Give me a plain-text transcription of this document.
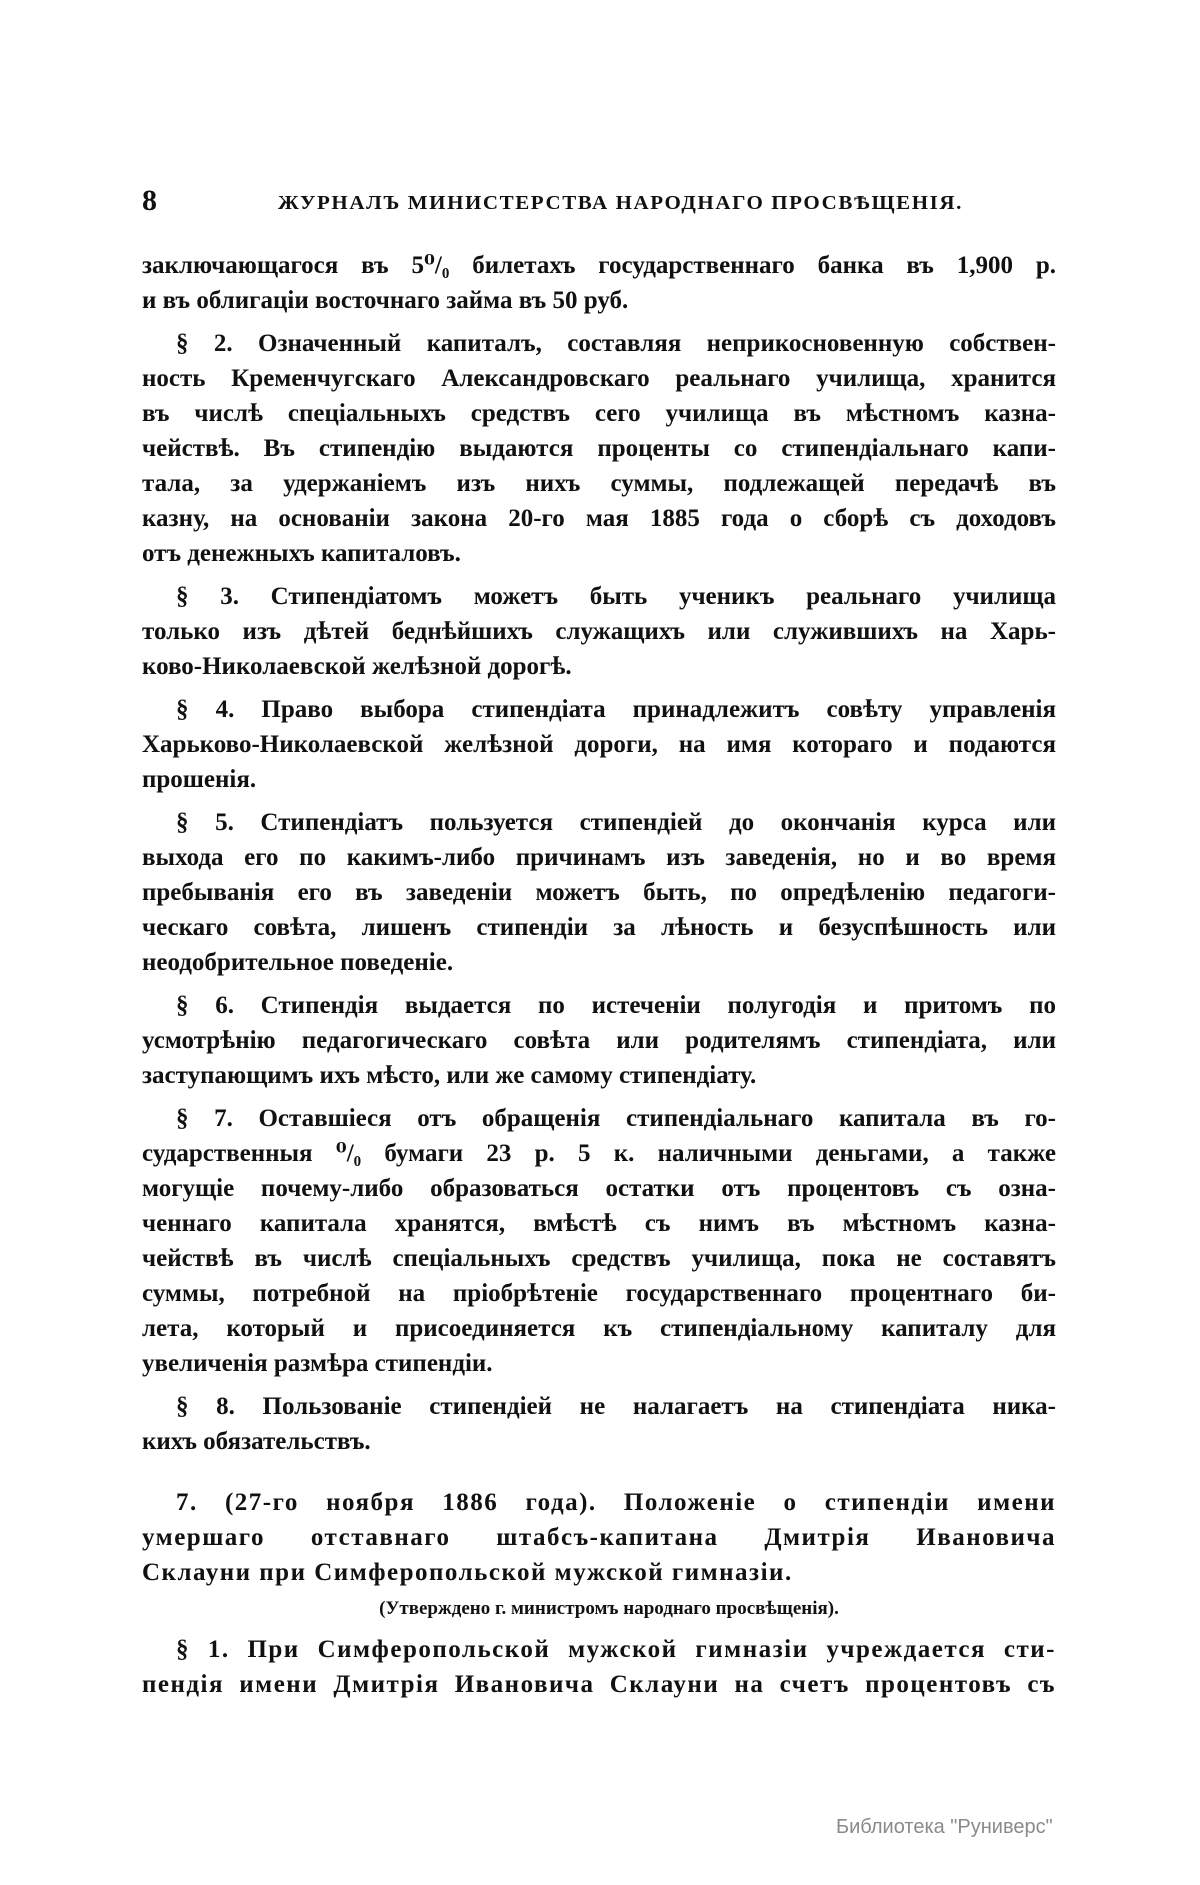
8	ЖУРНАЛЪ МИНИСТЕРСТВА НАРОДНАГО ПРОСВѢЩЕНІЯ.
заключающагося въ 5⁰/₀ билетахъ государственнаго банка въ 1,900 р.
и въ облигаціи восточнаго займа въ 50 руб.
§ 2. Означенный капиталъ, составляя неприкосновенную собствен-
ность Кременчугскаго Александровскаго реальнаго училища, хранится
въ числѣ спеціальныхъ средствъ сего училища въ мѣстномъ казна-
чействѣ. Въ стипендію выдаются проценты со стипендіальнаго капи-
тала, за удержаніемъ изъ нихъ суммы, подлежащей передачѣ въ
казну, на основаніи закона 20-го мая 1885 года о сборѣ съ доходовъ
отъ денежныхъ капиталовъ.
§ 3. Стипендіатомъ можетъ быть ученикъ реальнаго училища
только изъ дѣтей беднѣйшихъ служащихъ или служившихъ на Харь-
ково-Николаевской желѣзной дорогѣ.
§ 4. Право выбора стипендіата принадлежитъ совѣту управленія
Харьково-Николаевской желѣзной дороги, на имя котораго и подаются
прошенія.
§ 5. Стипендіатъ пользуется стипендіей до окончанія курса или
выхода его по какимъ-либо причинамъ изъ заведенія, но и во время
пребыванія его въ заведеніи можетъ быть, по опредѣленію педагоги-
ческаго совѣта, лишенъ стипендіи за лѣность и безуспѣшность или
неодобрительное поведеніе.
§ 6. Стипендія выдается по истеченіи полугодія и притомъ по
усмотрѣнію педагогическаго совѣта или родителямъ стипендіата, или
заступающимъ ихъ мѣсто, или же самому стипендіату.
§ 7. Оставшіеся отъ обращенія стипендіальнаго капитала въ го-
сударственныя ⁰/₀ бумаги 23 р. 5 к. наличными деньгами, а также
могущіе почему-либо образоваться остатки отъ процентовъ съ озна-
ченнаго капитала хранятся, вмѣстѣ съ нимъ въ мѣстномъ казна-
чействѣ въ числѣ спеціальныхъ средствъ училища, пока не составятъ
суммы, потребной на пріобрѣтеніе государственнаго процентнаго би-
лета, который и присоединяется къ стипендіальному капиталу для
увеличенія размѣра стипендіи.
§ 8. Пользованіе стипендіей не налагаетъ на стипендіата ника-
кихъ обязательствъ.
7. (27-го ноября 1886 года). Положеніе о стипендіи имени
умершаго отставнаго штабсъ-капитана Дмитрія Ивановича
Склауни при Симферопольской мужской гимназіи.
(Утверждено г. министромъ народнаго просвѣщенія).
§ 1. При Симферопольской мужской гимназіи учреждается сти-
пендія имени Дмитрія Ивановича Склауни на счетъ процентовъ съ
Библиотека "Руниверс"
